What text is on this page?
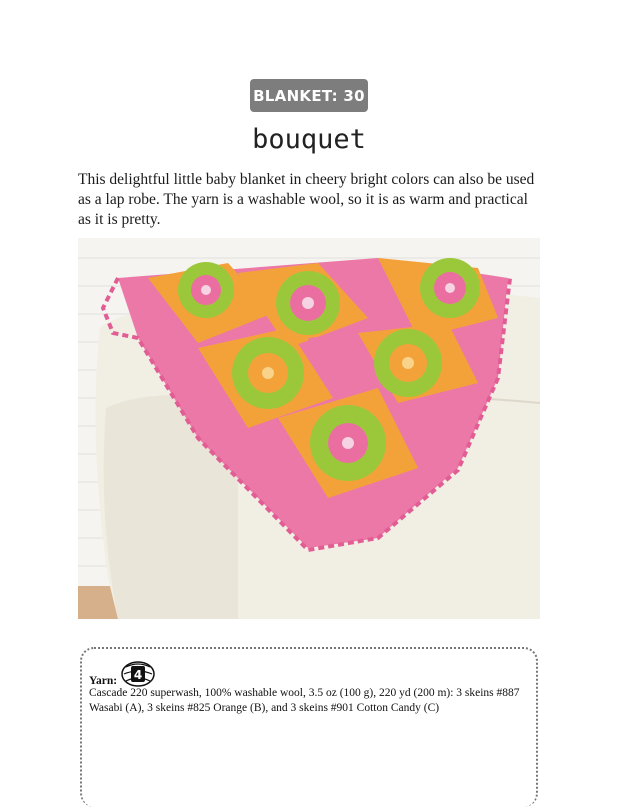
BLANKET: 30
bouquet
This delightful little baby blanket in cheery bright colors can also be used as a lap robe. The yarn is a washable wool, so it is as warm and practical as it is pretty.
Yarn: 4
Cascade 220 superwash, 100% washable wool, 3.5 oz (100 g), 220 yd (200 m): 3 skeins #887 Wasabi (A), 3 skeins #825 Orange (B), and 3 skeins #901 Cotton Candy (C)
